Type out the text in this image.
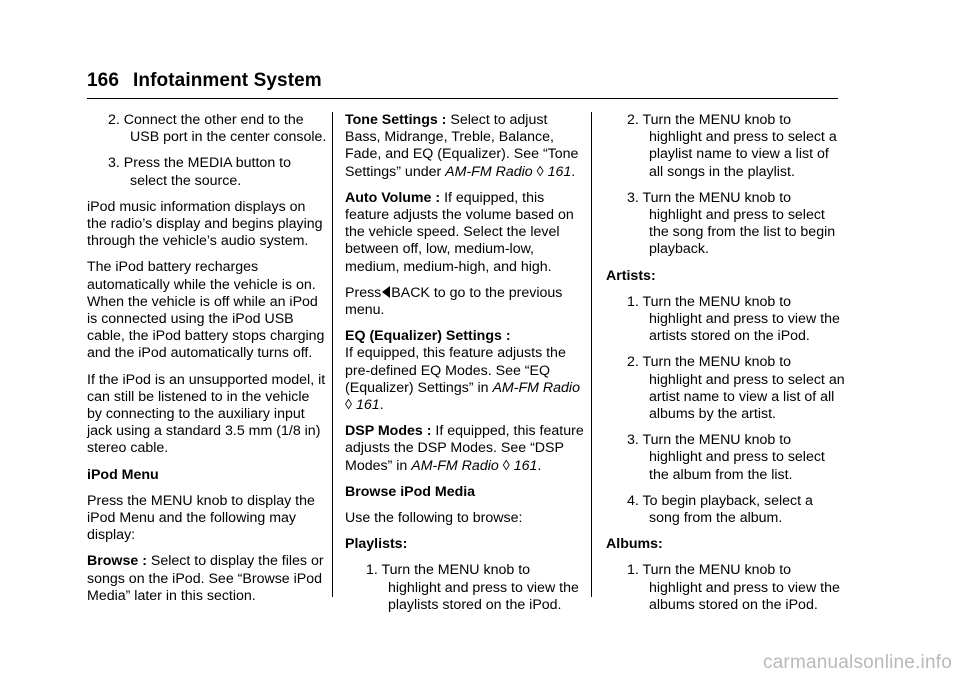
166 Infotainment System
2. Connect the other end to the USB port in the center console.
3. Press the MEDIA button to select the source.

iPod music information displays on the radio’s display and begins playing through the vehicle’s audio system.

The iPod battery recharges automatically while the vehicle is on. When the vehicle is off while an iPod is connected using the iPod USB cable, the iPod battery stops charging and the iPod automatically turns off.

If the iPod is an unsupported model, it can still be listened to in the vehicle by connecting to the auxiliary input jack using a standard 3.5 mm (1/8 in) stereo cable.

iPod Menu

Press the MENU knob to display the iPod Menu and the following may display:

Browse : Select to display the files or songs on the iPod. See “Browse iPod Media” later in this section.

Tone Settings : Select to adjust Bass, Midrange, Treble, Balance, Fade, and EQ (Equalizer). See “Tone Settings” under AM-FM Radio ◊ 161.

Auto Volume : If equipped, this feature adjusts the volume based on the vehicle speed. Select the level between off, low, medium-low, medium, medium-high, and high.

Press BACK to go to the previous menu.

EQ (Equalizer) Settings :
If equipped, this feature adjusts the pre-defined EQ Modes. See “EQ (Equalizer) Settings” in AM-FM Radio ◊ 161.

DSP Modes : If equipped, this feature adjusts the DSP Modes. See “DSP Modes” in AM-FM Radio ◊ 161.

Browse iPod Media

Use the following to browse:

Playlists:

1. Turn the MENU knob to highlight and press to view the playlists stored on the iPod.
2. Turn the MENU knob to highlight and press to select a playlist name to view a list of all songs in the playlist.
3. Turn the MENU knob to highlight and press to select the song from the list to begin playback.

Artists:

1. Turn the MENU knob to highlight and press to view the artists stored on the iPod.
2. Turn the MENU knob to highlight and press to select an artist name to view a list of all albums by the artist.
3. Turn the MENU knob to highlight and press to select the album from the list.
4. To begin playback, select a song from the album.

Albums:

1. Turn the MENU knob to highlight and press to view the albums stored on the iPod.
carmanualsonline.info
